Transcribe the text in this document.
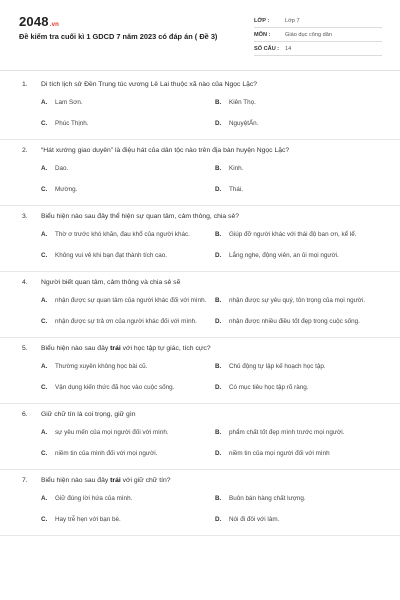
2048.vn
Đề kiểm tra cuối kì 1 GDCD 7 năm 2023 có đáp án ( Đề 3)
LỚP :	Lớp 7
MÔN :	Giáo dục công dân
SỐ CÂU :	14
1.	Di tích lịch sử Đền Trung túc vương Lê Lai thuộc xã nào của Ngọc Lặc?
A.	Lam Sơn.	B.	Kiên Thọ.
C.	Phúc Thịnh.	D.	NguyệtẤn.
2.	“Hát xướng giao duyên” là điệu hát của dân tộc nào trên địa bàn huyện Ngọc Lặc?
A.	Dao.	B.	Kinh.
C.	Mường.	D.	Thái.
3.	Biểu hiện nào sau đây thể hiện sự quan tâm, cảm thông, chia sẻ?
A.	Thờ ơ trước khó khăn, đau khổ của người khác.	B.	Giúp đỡ người khác với thái độ ban ơn, kể lể.
C.	Không vui vẻ khi bạn đạt thành tích cao.	D.	Lắng nghe, động viên, an ủi mọi người.
4.	Người biết quan tâm, cảm thông và chia sẻ sẽ
A.	nhận được sự quan tâm của người khác đối với mình.	B.	nhận được sự yêu quý, tôn trọng của mọi người.
C.	nhận được sự trả ơn của người khác đối với mình.	D.	nhận được nhiều điều tốt đẹp trong cuộc sống.
5.	Biểu hiện nào sau đây trái với học tập tự giác, tích cực?
A.	Thường xuyên không học bài cũ.	B.	Chủ động tự lập kế hoạch học tập.
C.	Vận dụng kiến thức đã học vào cuộc sống.	D.	Có mục tiêu học tập rõ ràng.
6.	Giữ chữ tín là coi trọng, giữ gìn
A.	sự yêu mến của mọi người đối với mình.	B.	phẩm chất tốt đẹp mình trước mọi người.
C.	niềm tin của mình đối với mọi người.	D.	niềm tin của mọi người đối với mình
7.	Biểu hiện nào sau đây trái với giữ chữ tín?
A.	Giữ đúng lời hứa của mình.	B.	Buôn bán hàng chất lượng.
C.	Hay trễ hẹn với bạn bè.	D.	Nói đi đôi với làm.
